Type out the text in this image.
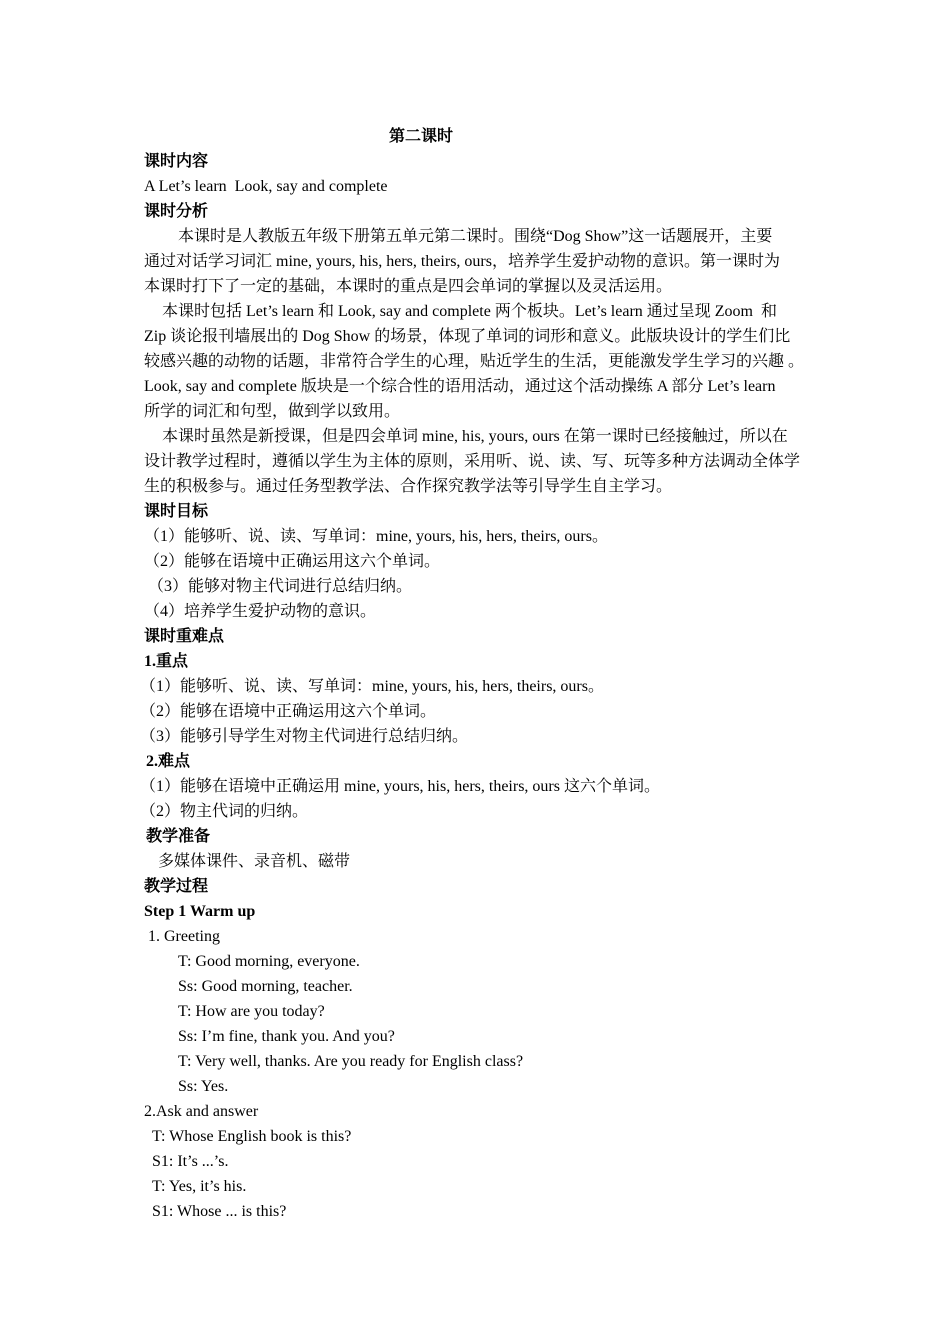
第二课时
课时内容
A Let’s learn  Look, say and complete
课时分析
本课时是人教版五年级下册第五单元第二课时。围绕“Dog Show”这一话题展开，主要
通过对话学习词汇 mine, yours, his, hers, theirs, ours，培养学生爱护动物的意识。第一课时为
本课时打下了一定的基础，本课时的重点是四会单词的掌握以及灵活运用。
本课时包括 Let’s learn 和 Look, say and complete 两个板块。Let’s learn 通过呈现 Zoom  和
Zip 谈论报刊墙展出的 Dog Show 的场景，体现了单词的词形和意义。此版块设计的学生们比
较感兴趣的动物的话题，非常符合学生的心理，贴近学生的生活，更能激发学生学习的兴趣 。
Look, say and complete 版块是一个综合性的语用活动，通过这个活动操练 A 部分 Let’s learn
所学的词汇和句型，做到学以致用。
本课时虽然是新授课，但是四会单词 mine, his, yours, ours 在第一课时已经接触过，所以在
设计教学过程时，遵循以学生为主体的原则，采用听、说、读、写、玩等多种方法调动全体学
生的积极参与。通过任务型教学法、合作探究教学法等引导学生自主学习。
课时目标
（1）能够听、说、读、写单词：mine, yours, his, hers, theirs, ours。
（2）能够在语境中正确运用这六个单词。
（3）能够对物主代词进行总结归纳。
（4）培养学生爱护动物的意识。
课时重难点
1.重点
（1）能够听、说、读、写单词：mine, yours, his, hers, theirs, ours。
（2）能够在语境中正确运用这六个单词。
（3）能够引导学生对物主代词进行总结归纳。
2.难点
（1）能够在语境中正确运用 mine, yours, his, hers, theirs, ours 这六个单词。
（2）物主代词的归纳。
教学准备
多媒体课件、录音机、磁带
教学过程
Step 1 Warm up
1. Greeting
T: Good morning, everyone.
Ss: Good morning, teacher.
T: How are you today?
Ss: I’m fine, thank you. And you?
T: Very well, thanks. Are you ready for English class?
Ss: Yes.
2.Ask and answer
T: Whose English book is this?
S1: It’s ...’s.
T: Yes, it’s his.
S1: Whose ... is this?
